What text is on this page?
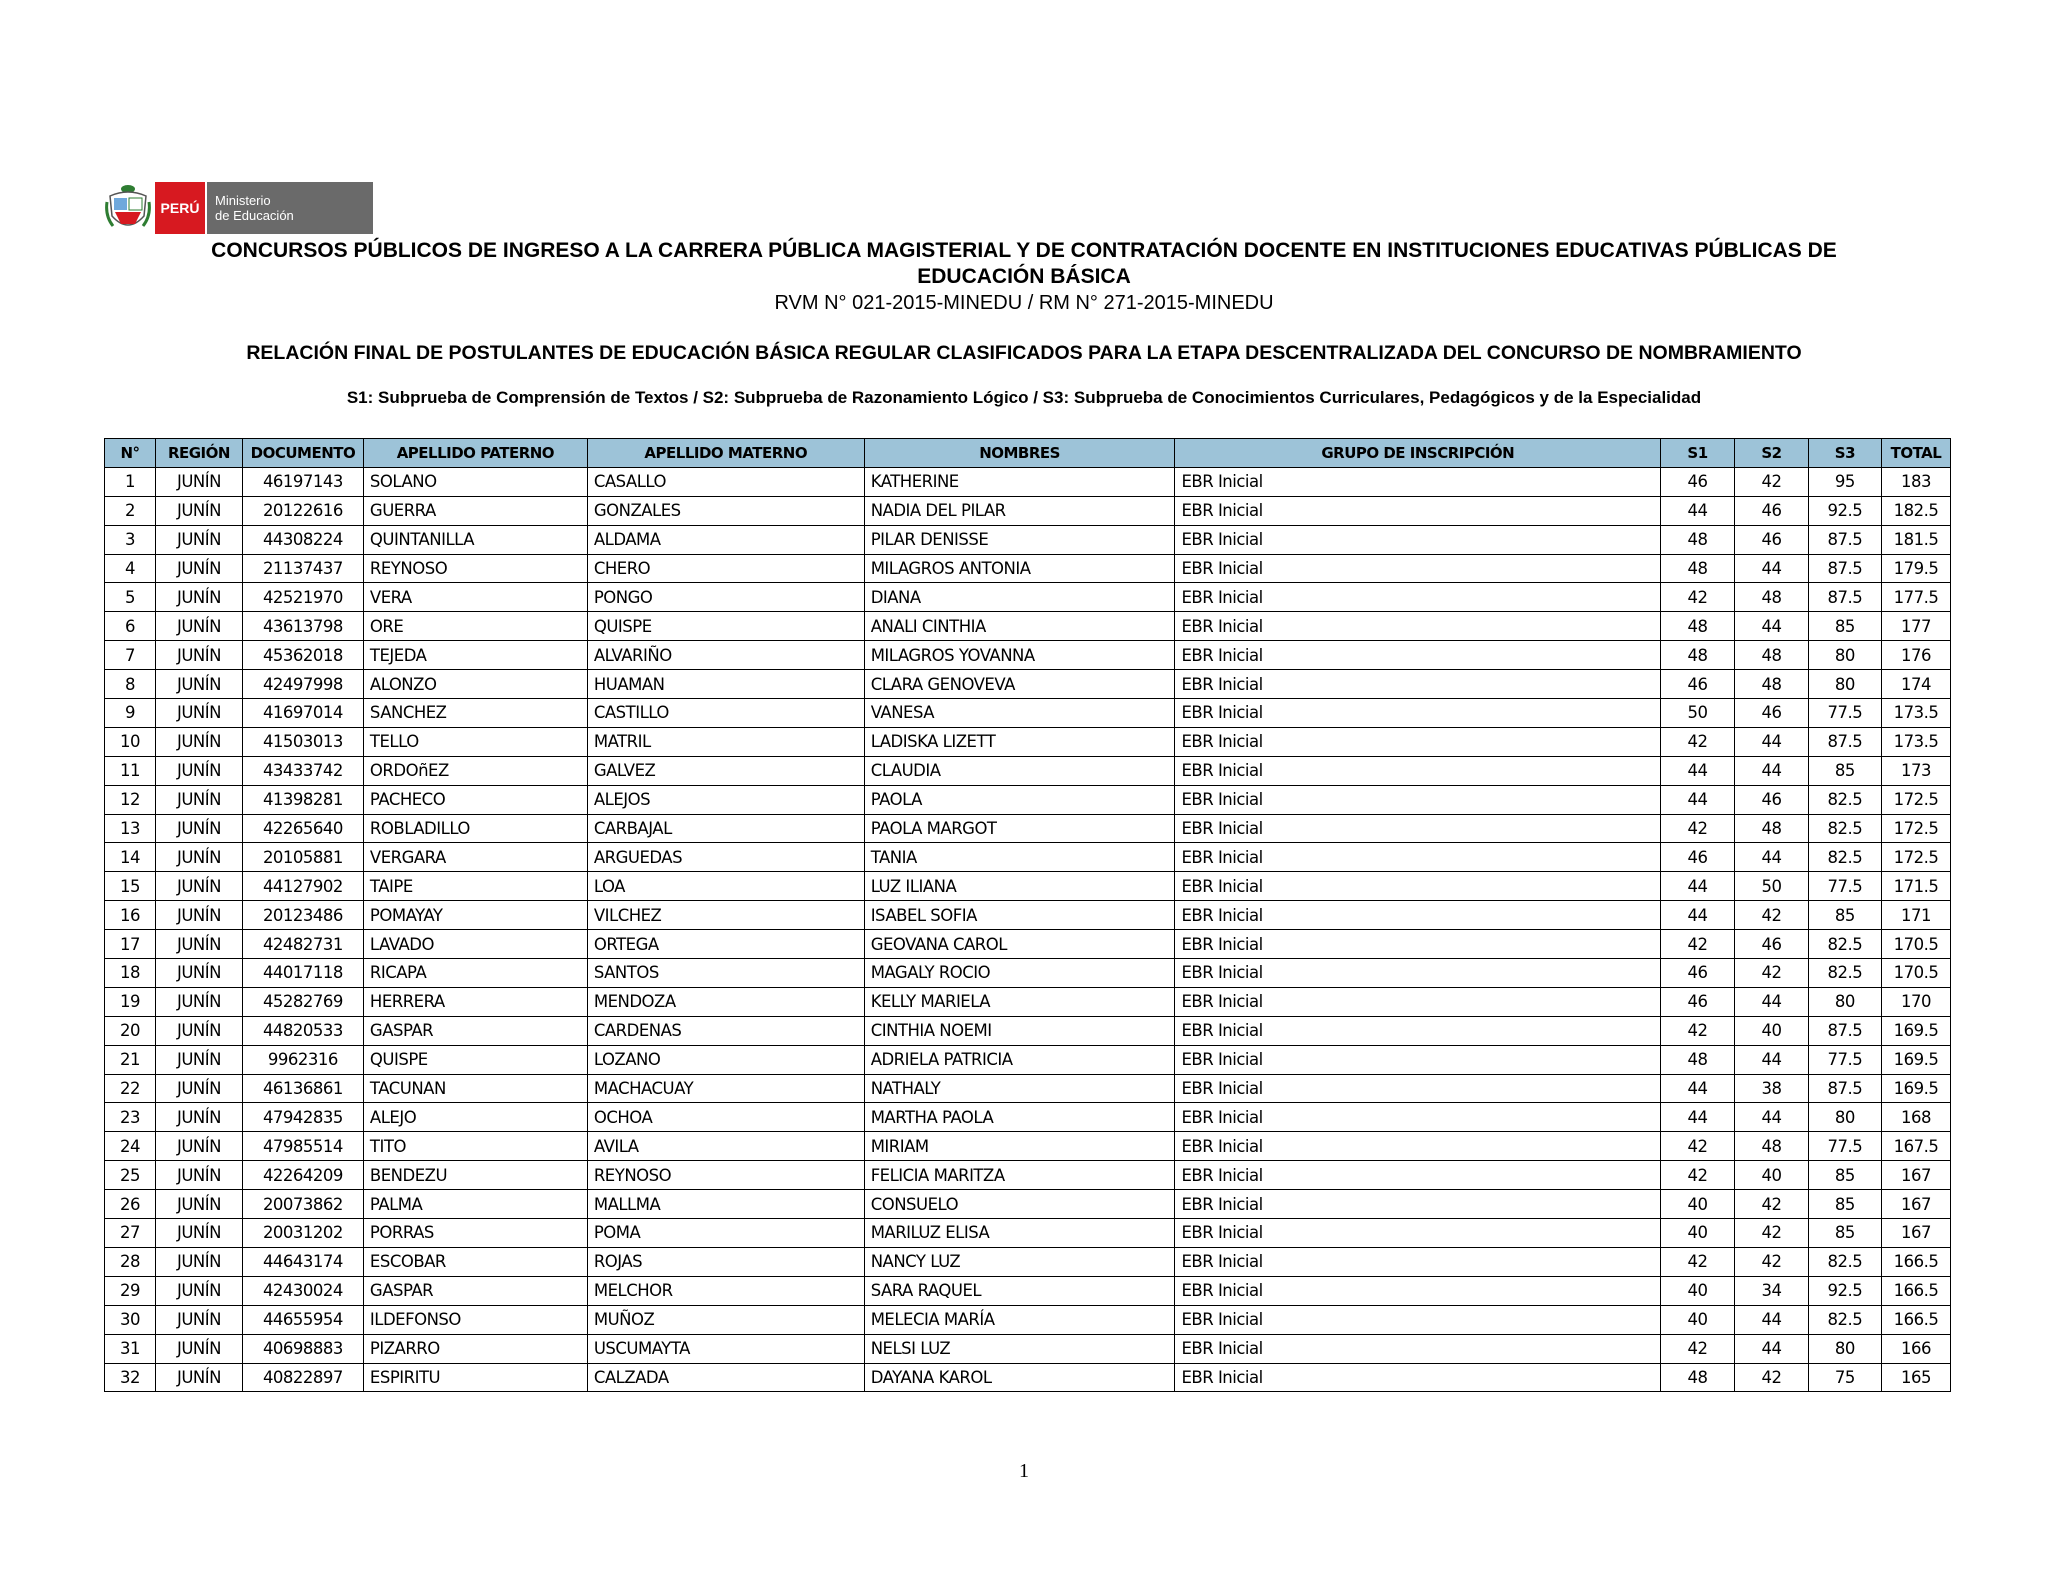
PERÚ	Ministerio
de Educación
CONCURSOS PÚBLICOS DE INGRESO A LA CARRERA PÚBLICA MAGISTERIAL Y DE CONTRATACIÓN DOCENTE EN INSTITUCIONES EDUCATIVAS PÚBLICAS DE
EDUCACIÓN BÁSICA
RVM N° 021-2015-MINEDU / RM N° 271-2015-MINEDU
RELACIÓN FINAL DE POSTULANTES DE EDUCACIÓN BÁSICA REGULAR CLASIFICADOS PARA LA ETAPA DESCENTRALIZADA DEL CONCURSO DE NOMBRAMIENTO
S1: Subprueba de Comprensión de Textos / S2: Subprueba de Razonamiento Lógico / S3: Subprueba de Conocimientos Curriculares, Pedagógicos y de la Especialidad
N°	REGIÓN	DOCUMENTO	APELLIDO PATERNO	APELLIDO MATERNO	NOMBRES	GRUPO DE INSCRIPCIÓN	S1	S2	S3	TOTAL
1	JUNÍN	46197143	SOLANO	CASALLO	KATHERINE	EBR Inicial	46	42	95	183
2	JUNÍN	20122616	GUERRA	GONZALES	NADIA DEL PILAR	EBR Inicial	44	46	92.5	182.5
3	JUNÍN	44308224	QUINTANILLA	ALDAMA	PILAR DENISSE	EBR Inicial	48	46	87.5	181.5
4	JUNÍN	21137437	REYNOSO	CHERO	MILAGROS ANTONIA	EBR Inicial	48	44	87.5	179.5
5	JUNÍN	42521970	VERA	PONGO	DIANA	EBR Inicial	42	48	87.5	177.5
6	JUNÍN	43613798	ORE	QUISPE	ANALI CINTHIA	EBR Inicial	48	44	85	177
7	JUNÍN	45362018	TEJEDA	ALVARIÑO	MILAGROS YOVANNA	EBR Inicial	48	48	80	176
8	JUNÍN	42497998	ALONZO	HUAMAN	CLARA GENOVEVA	EBR Inicial	46	48	80	174
9	JUNÍN	41697014	SANCHEZ	CASTILLO	VANESA	EBR Inicial	50	46	77.5	173.5
10	JUNÍN	41503013	TELLO	MATRIL	LADISKA LIZETT	EBR Inicial	42	44	87.5	173.5
11	JUNÍN	43433742	ORDOñEZ	GALVEZ	CLAUDIA	EBR Inicial	44	44	85	173
12	JUNÍN	41398281	PACHECO	ALEJOS	PAOLA	EBR Inicial	44	46	82.5	172.5
13	JUNÍN	42265640	ROBLADILLO	CARBAJAL	PAOLA MARGOT	EBR Inicial	42	48	82.5	172.5
14	JUNÍN	20105881	VERGARA	ARGUEDAS	TANIA	EBR Inicial	46	44	82.5	172.5
15	JUNÍN	44127902	TAIPE	LOA	LUZ ILIANA	EBR Inicial	44	50	77.5	171.5
16	JUNÍN	20123486	POMAYAY	VILCHEZ	ISABEL SOFIA	EBR Inicial	44	42	85	171
17	JUNÍN	42482731	LAVADO	ORTEGA	GEOVANA CAROL	EBR Inicial	42	46	82.5	170.5
18	JUNÍN	44017118	RICAPA	SANTOS	MAGALY ROCIO	EBR Inicial	46	42	82.5	170.5
19	JUNÍN	45282769	HERRERA	MENDOZA	KELLY MARIELA	EBR Inicial	46	44	80	170
20	JUNÍN	44820533	GASPAR	CARDENAS	CINTHIA NOEMI	EBR Inicial	42	40	87.5	169.5
21	JUNÍN	9962316	QUISPE	LOZANO	ADRIELA PATRICIA	EBR Inicial	48	44	77.5	169.5
22	JUNÍN	46136861	TACUNAN	MACHACUAY	NATHALY	EBR Inicial	44	38	87.5	169.5
23	JUNÍN	47942835	ALEJO	OCHOA	MARTHA PAOLA	EBR Inicial	44	44	80	168
24	JUNÍN	47985514	TITO	AVILA	MIRIAM	EBR Inicial	42	48	77.5	167.5
25	JUNÍN	42264209	BENDEZU	REYNOSO	FELICIA MARITZA	EBR Inicial	42	40	85	167
26	JUNÍN	20073862	PALMA	MALLMA	CONSUELO	EBR Inicial	40	42	85	167
27	JUNÍN	20031202	PORRAS	POMA	MARILUZ ELISA	EBR Inicial	40	42	85	167
28	JUNÍN	44643174	ESCOBAR	ROJAS	NANCY LUZ	EBR Inicial	42	42	82.5	166.5
29	JUNÍN	42430024	GASPAR	MELCHOR	SARA RAQUEL	EBR Inicial	40	34	92.5	166.5
30	JUNÍN	44655954	ILDEFONSO	MUÑOZ	MELECIA MARÍA	EBR Inicial	40	44	82.5	166.5
31	JUNÍN	40698883	PIZARRO	USCUMAYTA	NELSI LUZ	EBR Inicial	42	44	80	166
32	JUNÍN	40822897	ESPIRITU	CALZADA	DAYANA KAROL	EBR Inicial	48	42	75	165
1
